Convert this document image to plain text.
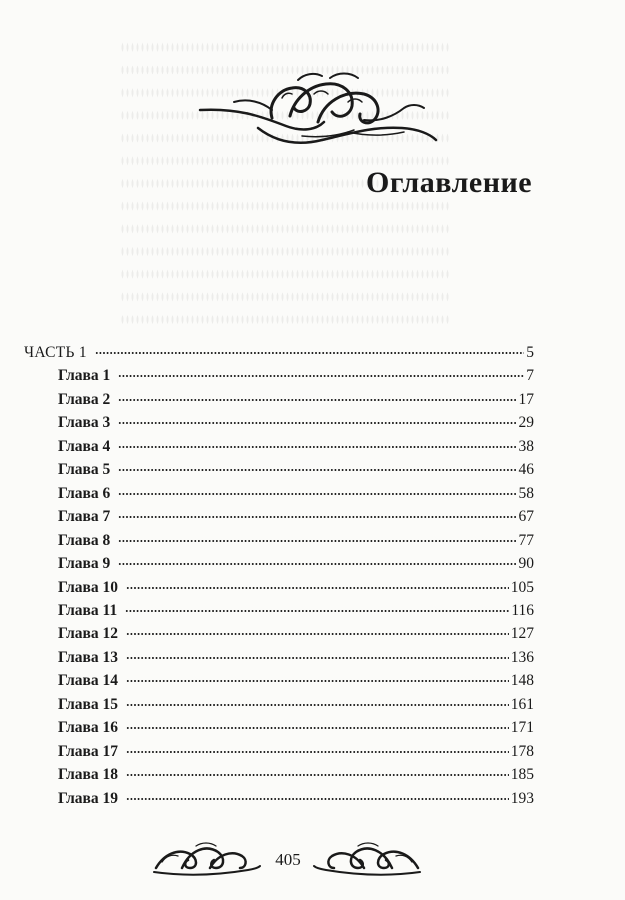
Оглавление
ЧАСТЬ 1	5
Глава 1	7
Глава 2	17
Глава 3	29
Глава 4	38
Глава 5	46
Глава 6	58
Глава 7	67
Глава 8	77
Глава 9	90
Глава 10	105
Глава 11	116
Глава 12	127
Глава 13	136
Глава 14	148
Глава 15	161
Глава 16	171
Глава 17	178
Глава 18	185
Глава 19	193
405
